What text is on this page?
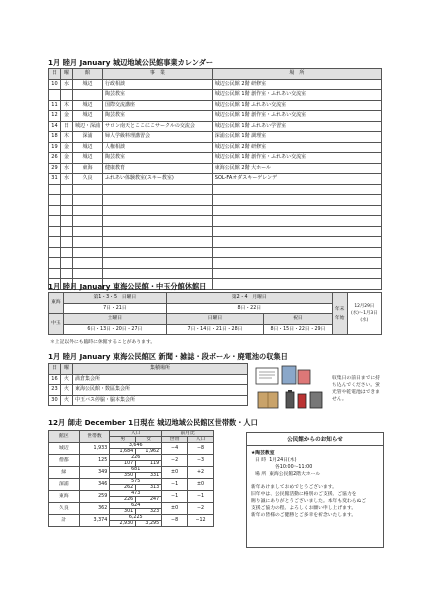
1月 睦月 January 城辺地域公民館事業カレンダー
日	曜	館	事　業	場　所
10	水	城辺	行政相談	城辺公民館 2階 研修室
			陶芸教室	城辺公民館 1階 創作室・ふれあい交流室
11	木	城辺	国際交流講座	城辺公民館 1階 ふれあい交流室
12	金	城辺	陶芸教室	城辺公民館 1階 創作室・ふれあい交流室
14	日	城辺・深浦	サロン南天とここにこサークルの交流会	城辺公民館 1階 ふれあい学習室
18	木	深浦	婦人学級料理講習会	深浦公民館 1階 調理室
19	金	城辺	人権相談	城辺公民館 2階 研修室
26	金	城辺	陶芸教室	城辺公民館 1階 創作室・ふれあい交流室
29	水	東海	健康教育	東海公民館 2階 大ホール
31	水	久良	ふれあい体験教室(スキー教室)	SOL-FAオダスキーゲレンデ

1月 睦月 January 東海公民館・中玉分館休館日
東海	第1・3・5　日曜日	第2・4　月曜日		年末年始	12月29日(水)〜1月3日(水)
	7日・21日	8日・22日			
中玉	土曜日	日曜日	祝日		
	6日・13日・20日・27日	7日・14日・21日・28日	8日・15日・22日・29日		
＊上記以外にも臨時に休館することがあります。
1月 睦月 January 東海公民館区 新聞・雑誌・段ボール・廃電池の収集日
日	曜	集積場所
16	火	満倉集会所
23	火	東海公民館・数區集会所
30	火	中玉バス停脇・脇本集会所
収集日の前日までに持ち込んでください。蛍光管や乾電池はできません。
12月 師走 December 1日現在 城辺地域公民館区世帯数・人口
館区	世帯数	人口		前月比	
		男	女	世帯	人口
城辺	1,933	3,646		−4	−8
		1,684	1,962		
僧都	125	226		−2	−3
		107	119		
緑	349	681		±0	+2
		350	331		
深浦	346	575		−1	±0
		262	313		
東海	259	473		−1	−1
		226	247		
久良	362	624		±0	−2
		301	323		
計	3,374	6,225		−8	−12
		2,930	3,295		
公民館からのお知らせ
★陶芸教室
日 時 1月24日(木)
各10:00〜11:00
場 所 東海公民館2階大ホール
新年あけましておめでとうございます。
旧年中は、公民館活動に格別のご支援、ご協力を
賜り誠にありがとうございました。本年も変わらぬご
支援ご協力の程、よろしくお願い申し上げます。
新年の皆様のご健勝とご多幸を祈念いたします。
